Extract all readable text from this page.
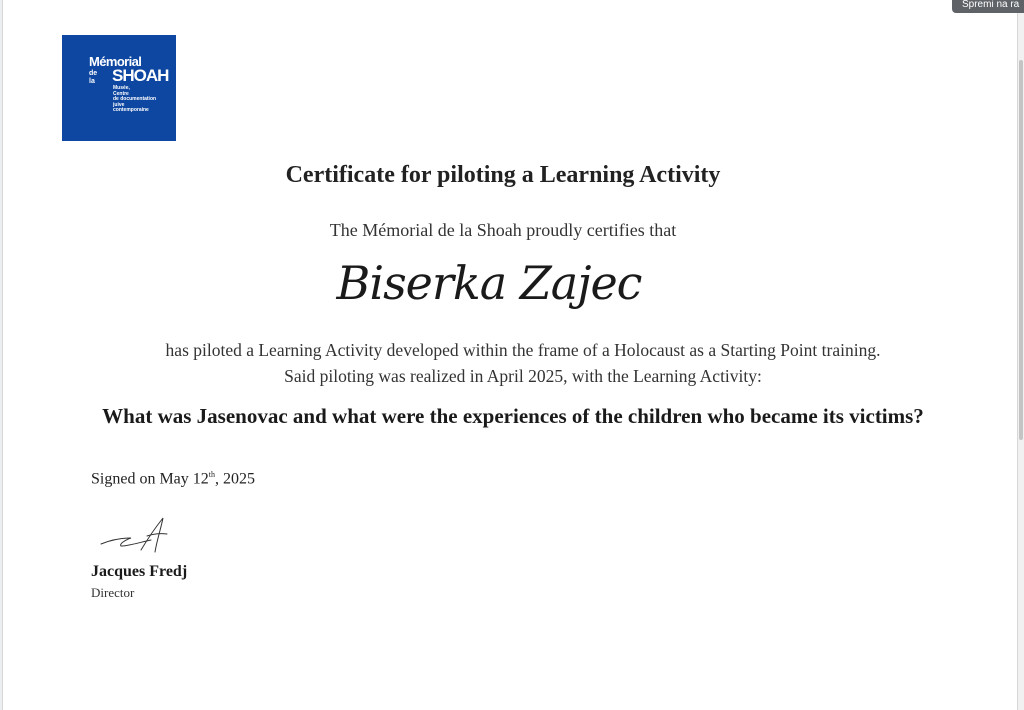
Mémorial
de la SHOAH
Musée,
Centre
de documentation
juive
contemporaine
Certificate for piloting a Learning Activity
The Mémorial de la Shoah proudly certifies that
Biserka Zajec
has piloted a Learning Activity developed within the frame of a Holocaust as a Starting Point training.
Said piloting was realized in April 2025, with the Learning Activity:
What was Jasenovac and what were the experiences of the children who became its victims?
Signed on May 12th, 2025
Jacques Fredj
Director
Spremi na ra
